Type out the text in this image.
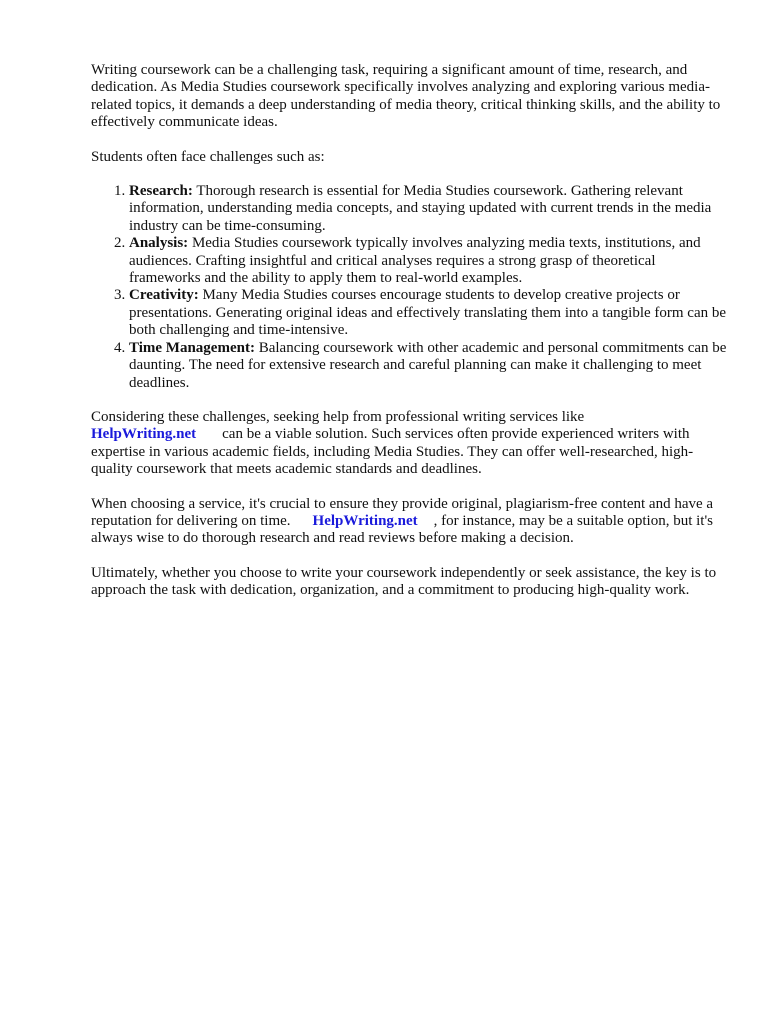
Writing coursework can be a challenging task, requiring a significant amount of time, research, and dedication. As Media Studies coursework specifically involves analyzing and exploring various media-related topics, it demands a deep understanding of media theory, critical thinking skills, and the ability to effectively communicate ideas.

Students often face challenges such as:

1. Research: Thorough research is essential for Media Studies coursework. Gathering relevant information, understanding media concepts, and staying updated with current trends in the media industry can be time-consuming.
2. Analysis: Media Studies coursework typically involves analyzing media texts, institutions, and audiences. Crafting insightful and critical analyses requires a strong grasp of theoretical frameworks and the ability to apply them to real-world examples.
3. Creativity: Many Media Studies courses encourage students to develop creative projects or presentations. Generating original ideas and effectively translating them into a tangible form can be both challenging and time-intensive.
4. Time Management: Balancing coursework with other academic and personal commitments can be daunting. The need for extensive research and careful planning can make it challenging to meet deadlines.

Considering these challenges, seeking help from professional writing services like
HelpWriting.net can be a viable solution. Such services often provide experienced writers with expertise in various academic fields, including Media Studies. They can offer well-researched, high-quality coursework that meets academic standards and deadlines.

When choosing a service, it's crucial to ensure they provide original, plagiarism-free content and have a reputation for delivering on time. HelpWriting.net , for instance, may be a suitable option, but it's always wise to do thorough research and read reviews before making a decision.

Ultimately, whether you choose to write your coursework independently or seek assistance, the key is to approach the task with dedication, organization, and a commitment to producing high-quality work.
